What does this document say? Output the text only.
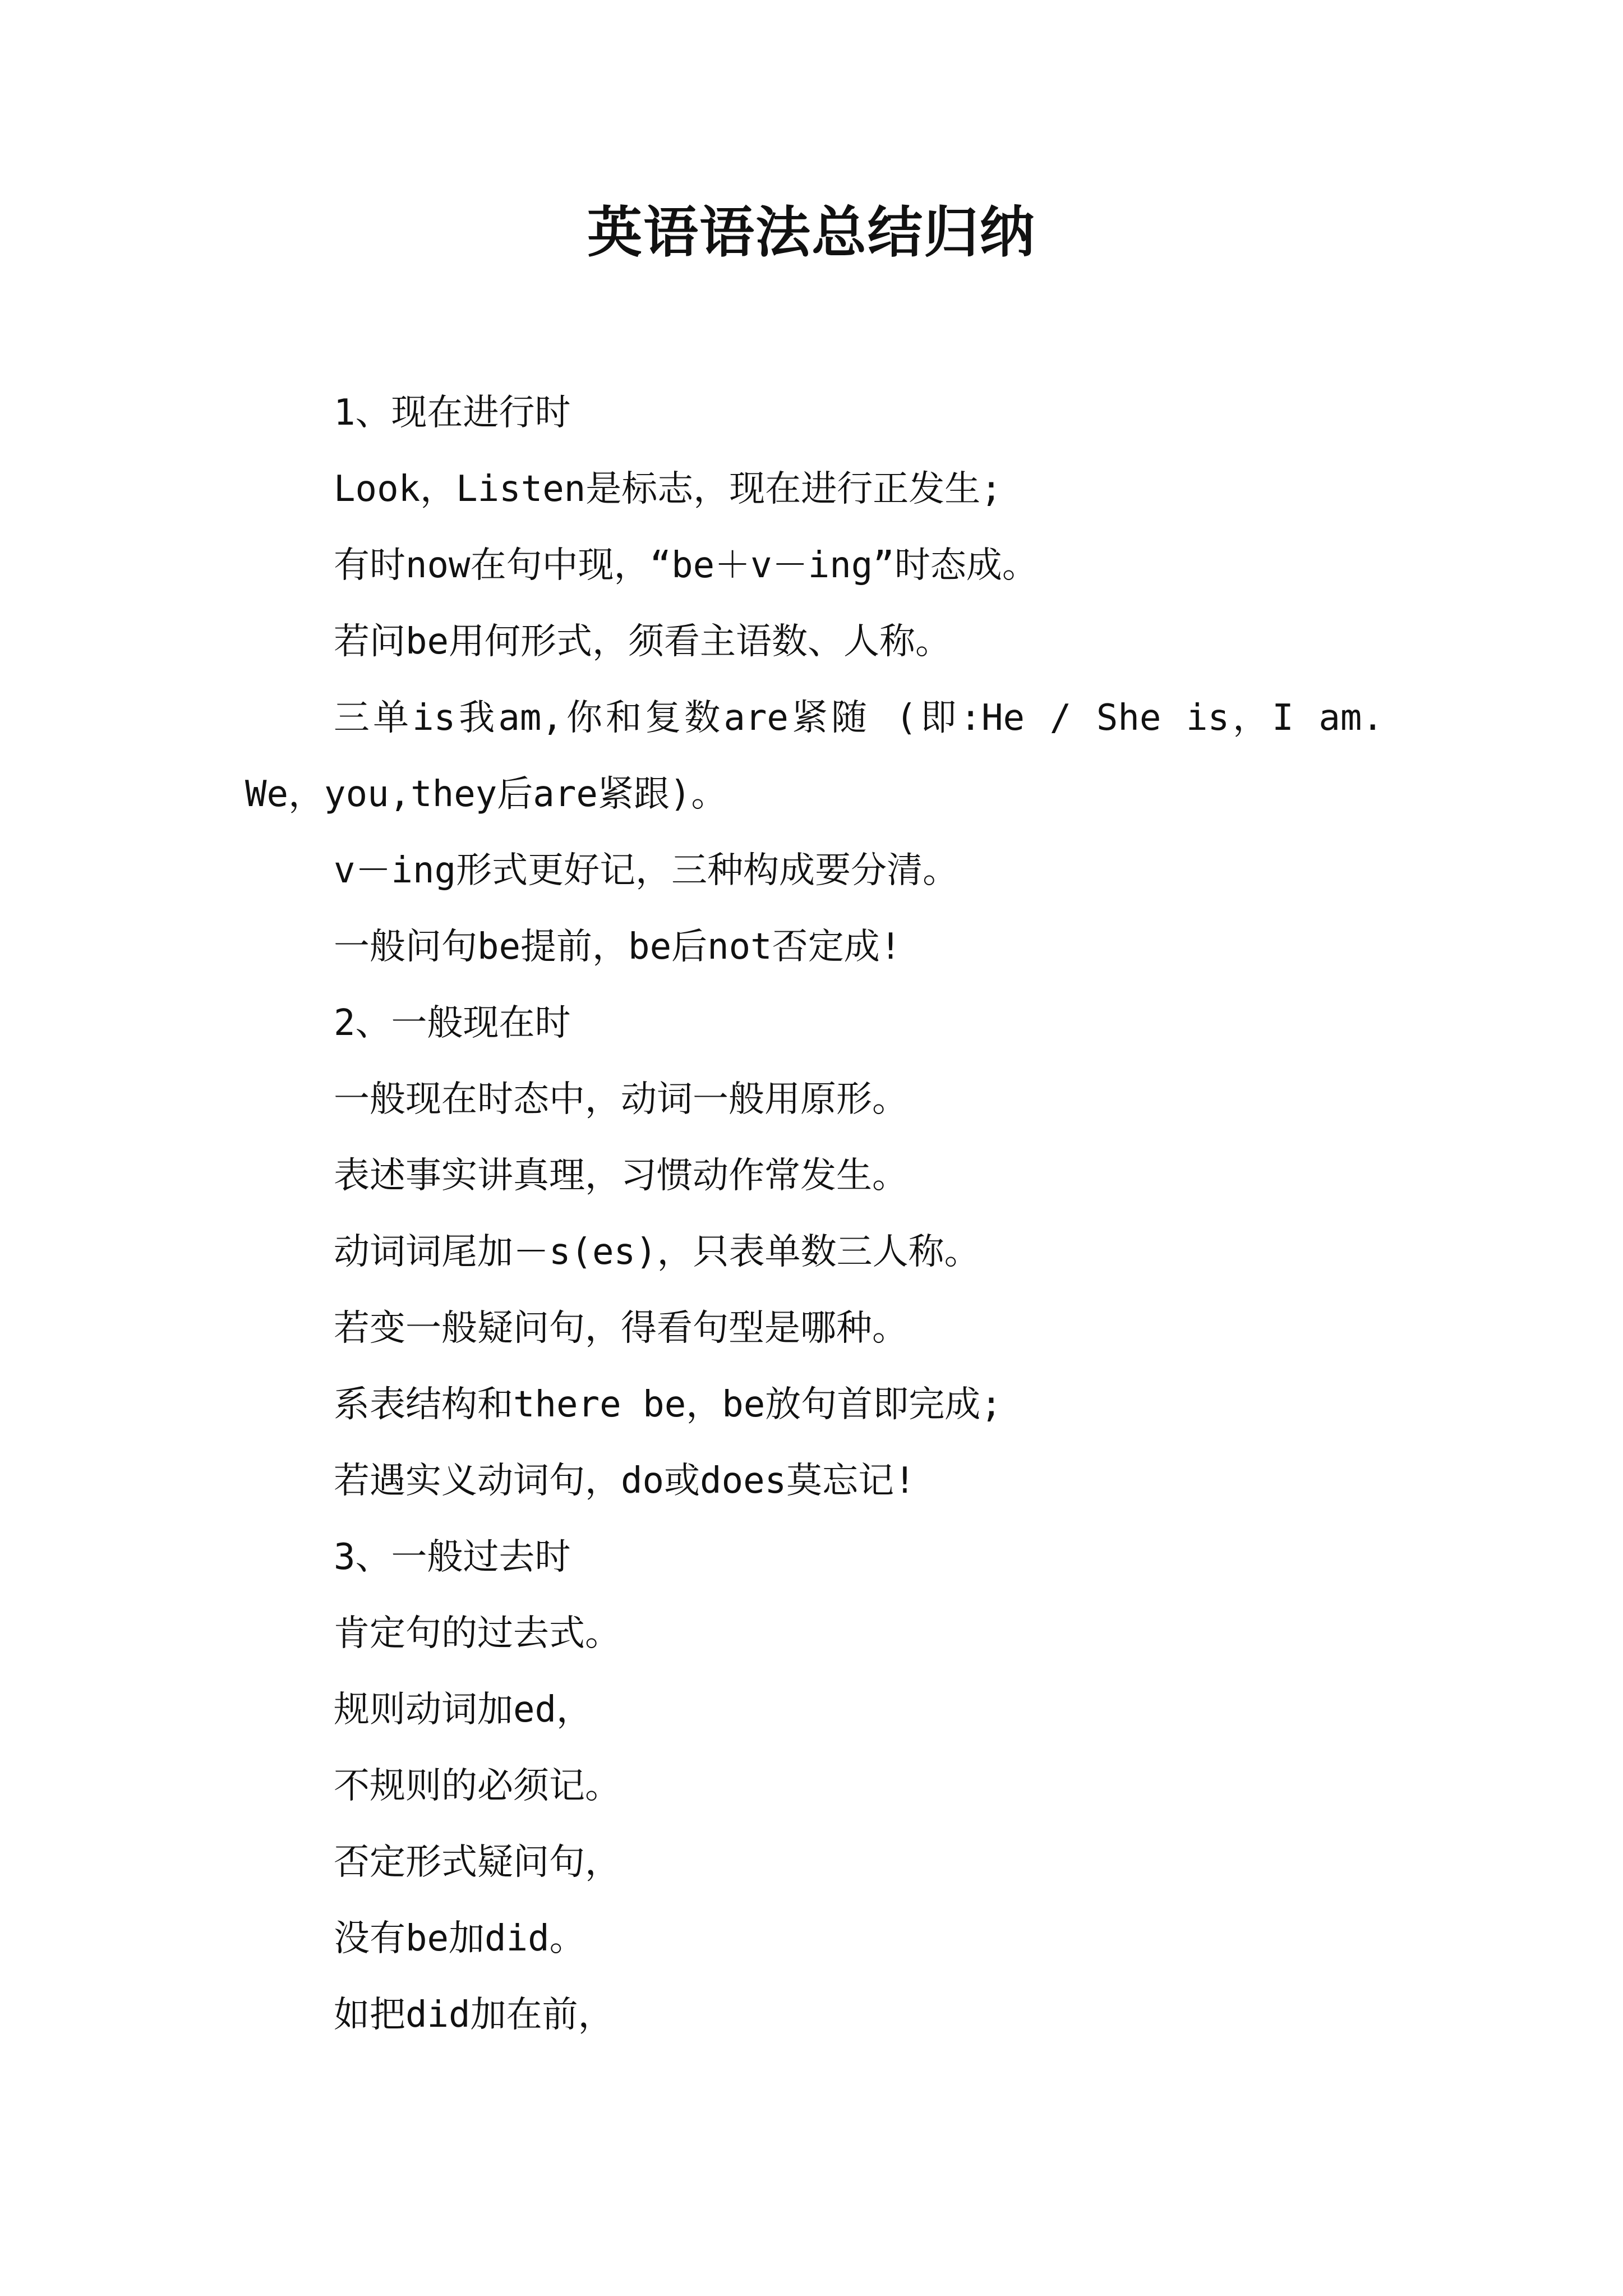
英语语法总结归纳

1、现在进行时

Look，Listen是标志，现在进行正发生;

有时now在句中现，“be＋v－ing”时态成。

若问be用何形式，须看主语数、人称。

三单is我am,你和复数are紧随 (即:He / She is，I am. We，you,they后are紧跟)。

v－ing形式更好记，三种构成要分清。

一般问句be提前，be后not否定成!

2、一般现在时

一般现在时态中，动词一般用原形。

表述事实讲真理，习惯动作常发生。

动词词尾加－s(es)，只表单数三人称。

若变一般疑问句，得看句型是哪种。

系表结构和there be，be放句首即完成;

若遇实义动词句，do或does莫忘记!

3、一般过去时

肯定句的过去式。

规则动词加ed，

不规则的必须记。

否定形式疑问句，

没有be加did。

如把did加在前，
